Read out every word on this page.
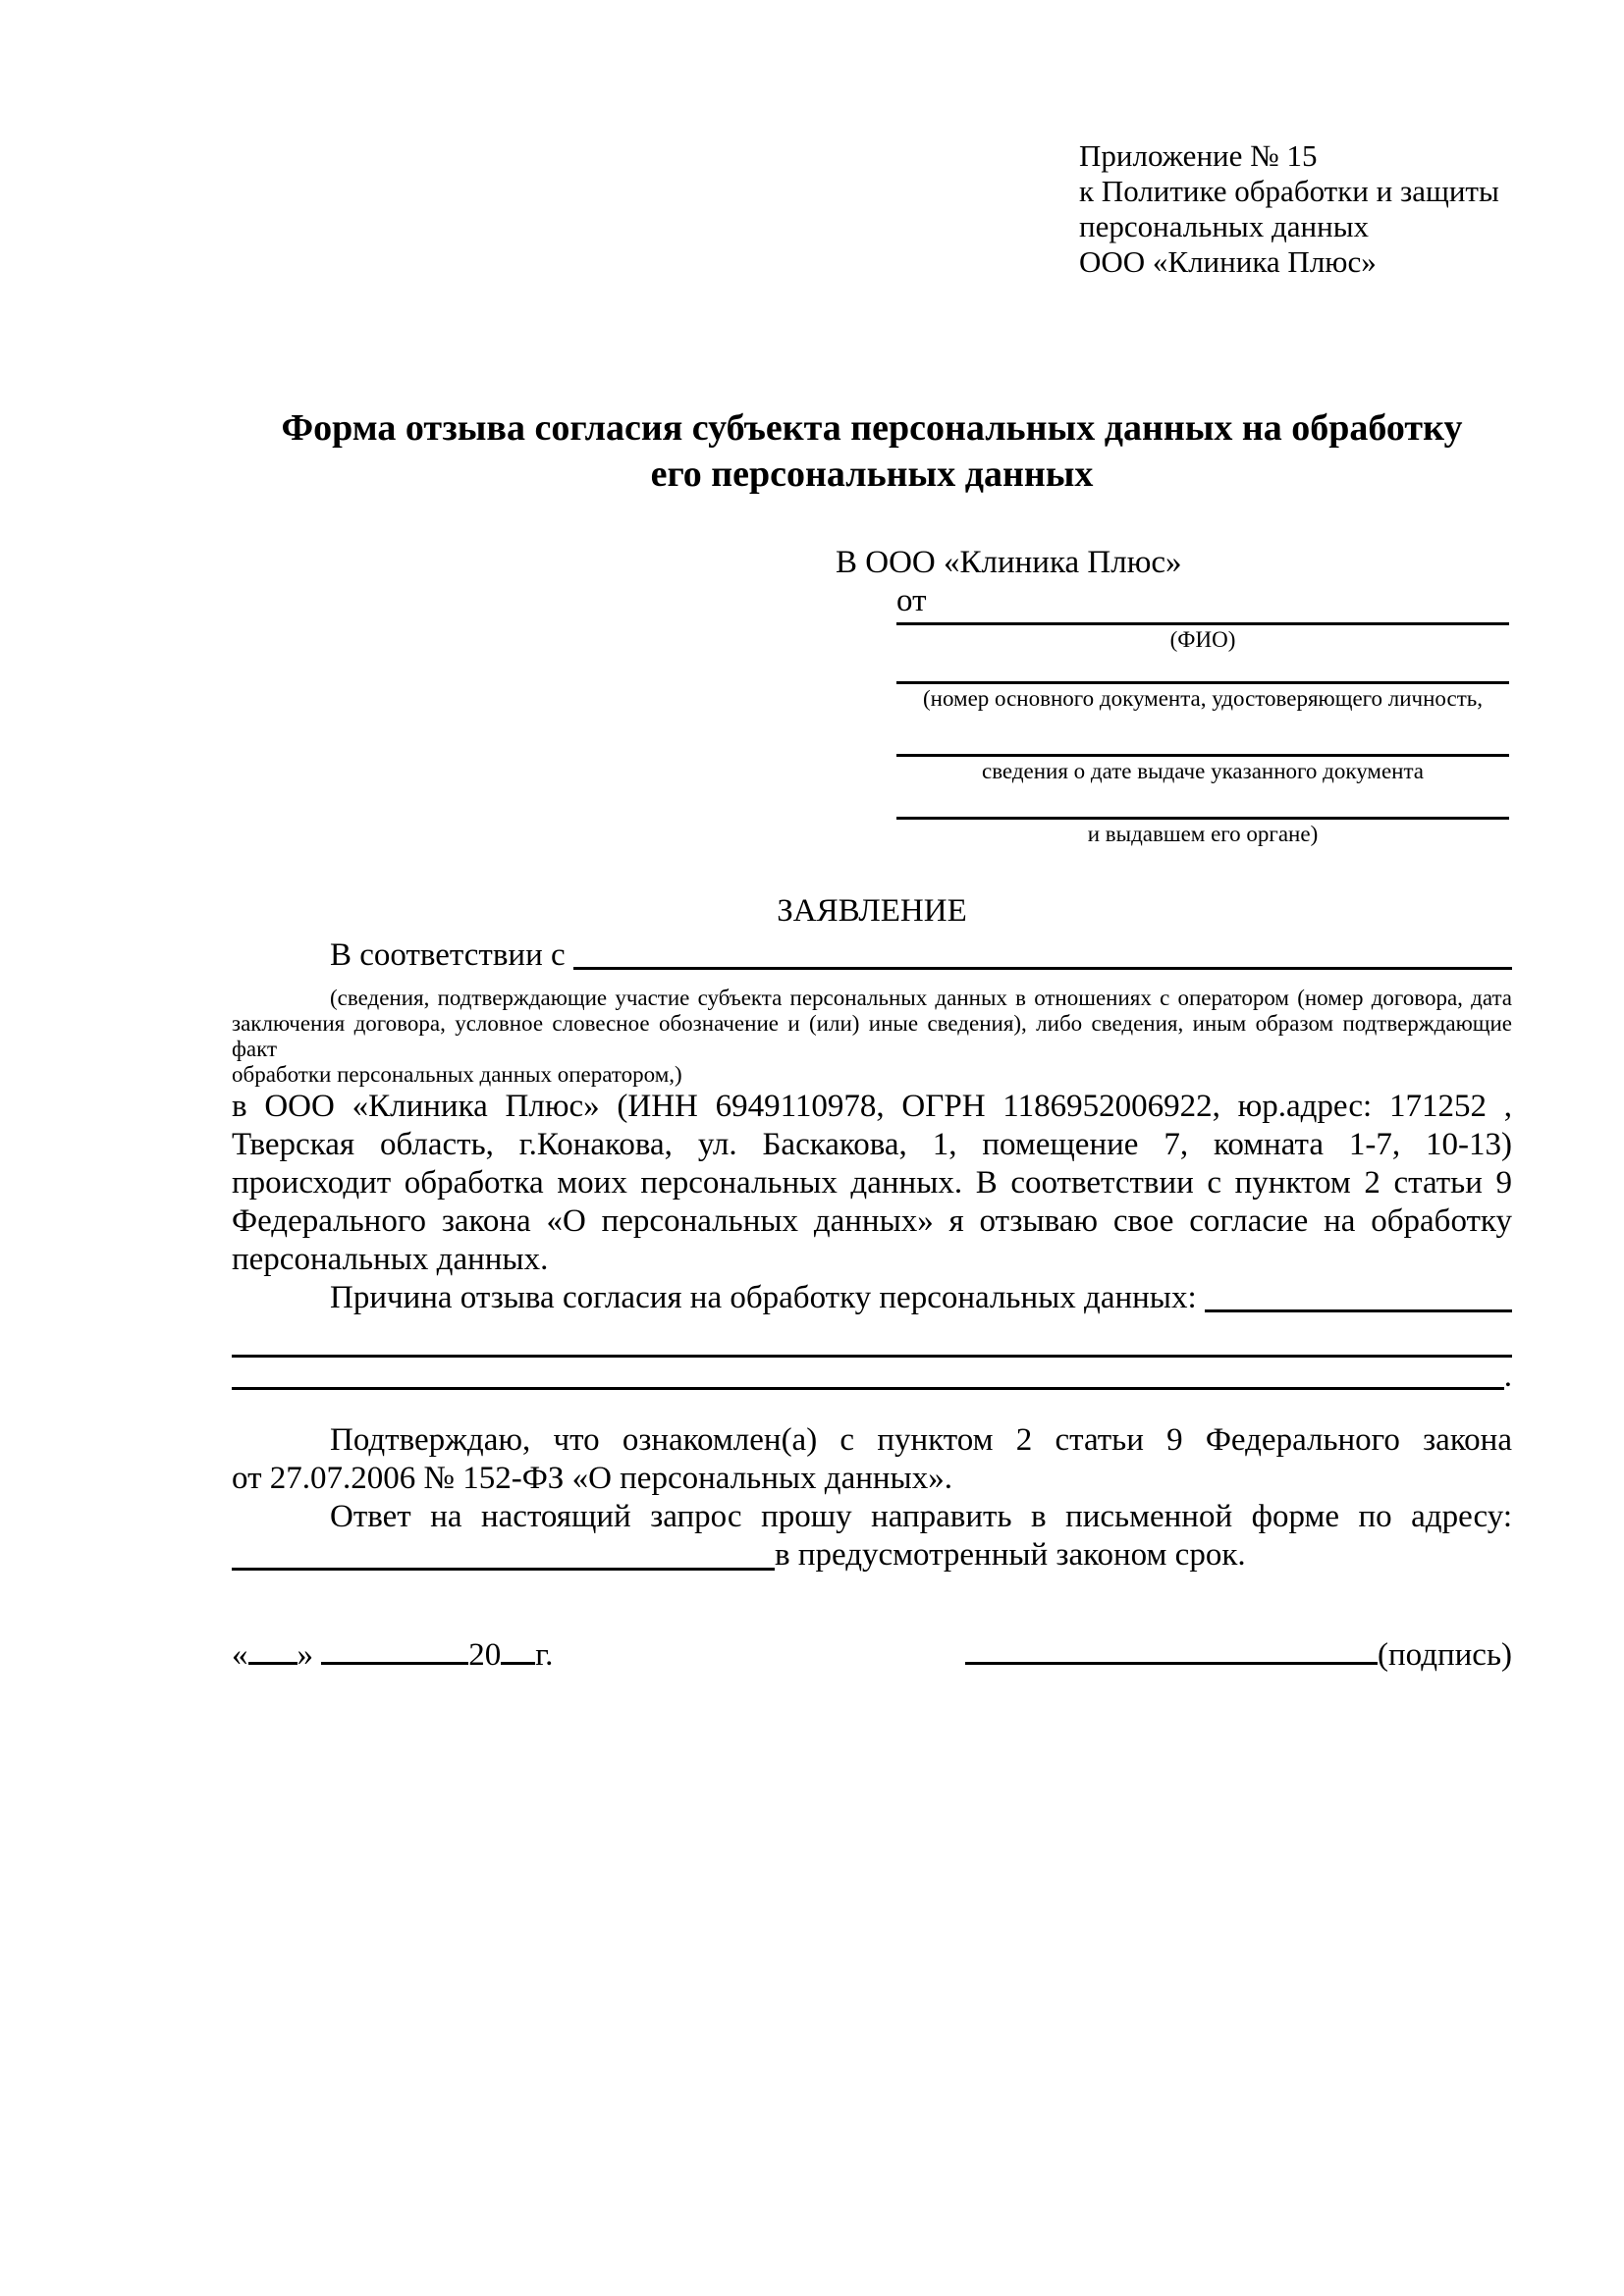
Приложение № 15
к Политике обработки и защиты
персональных данных
ООО «Клиника Плюс»
Форма отзыва согласия субъекта персональных данных на обработку его персональных данных
В ООО «Клиника Плюс»
от
(ФИО)
(номер основного документа, удостоверяющего личность,
сведения о дате выдаче указанного документа
и выдавшем его органе)
ЗАЯВЛЕНИЕ
В соответствии с

(сведения, подтверждающие участие субъекта персональных данных в отношениях с оператором (номер договора, дата
заключения договора, условное словесное обозначение и (или) иные сведения), либо сведения, иным образом подтверждающие факт
обработки персональных данных оператором,)
в ООО «Клиника Плюс» (ИНН 6949110978, ОГРН 1186952006922, юр.адрес: 171252 ,
Тверская область, г.Конакова, ул. Баскакова, 1, помещение 7, комната 1-7, 10-13)
происходит обработка моих персональных данных. В соответствии с пунктом 2 статьи 9
Федерального закона «О персональных данных» я отзываю свое согласие на обработку
персональных данных.
Причина отзыва согласия на обработку персональных данных:

.
Подтверждаю, что ознакомлен(а) с пунктом 2 статьи 9 Федерального закона
от 27.07.2006 № 152-ФЗ «О персональных данных».
Ответ на настоящий запрос прошу направить в письменной форме по адресу:
в предусмотренный законом срок.
« »	20 г.	(подпись)
